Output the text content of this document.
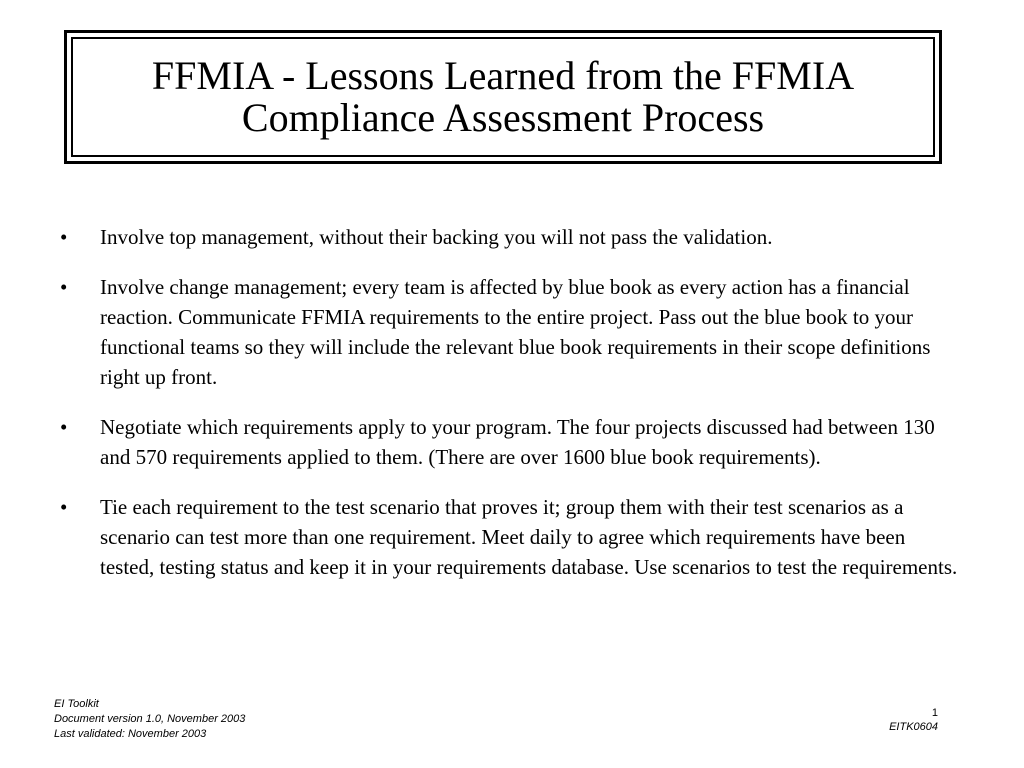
FFMIA - Lessons Learned from the FFMIA Compliance Assessment Process
•	Involve top management, without their backing you will not pass the validation.
•	Involve change management; every team is affected by blue book as every action has a financial reaction. Communicate FFMIA requirements to the entire project. Pass out the blue book to your functional teams so they will include the relevant blue book requirements in their scope definitions right up front.
•	Negotiate which requirements apply to your program. The four projects discussed had between 130 and 570 requirements applied to them. (There are over 1600 blue book requirements).
•	Tie each requirement to the test scenario that proves it; group them with their test scenarios as a scenario can test more than one requirement. Meet daily to agree which requirements have been tested, testing status and keep it in your requirements database. Use scenarios to test the requirements.
EI Toolkit
Document version 1.0, November 2003
Last validated: November 2003
1
EITK0604
